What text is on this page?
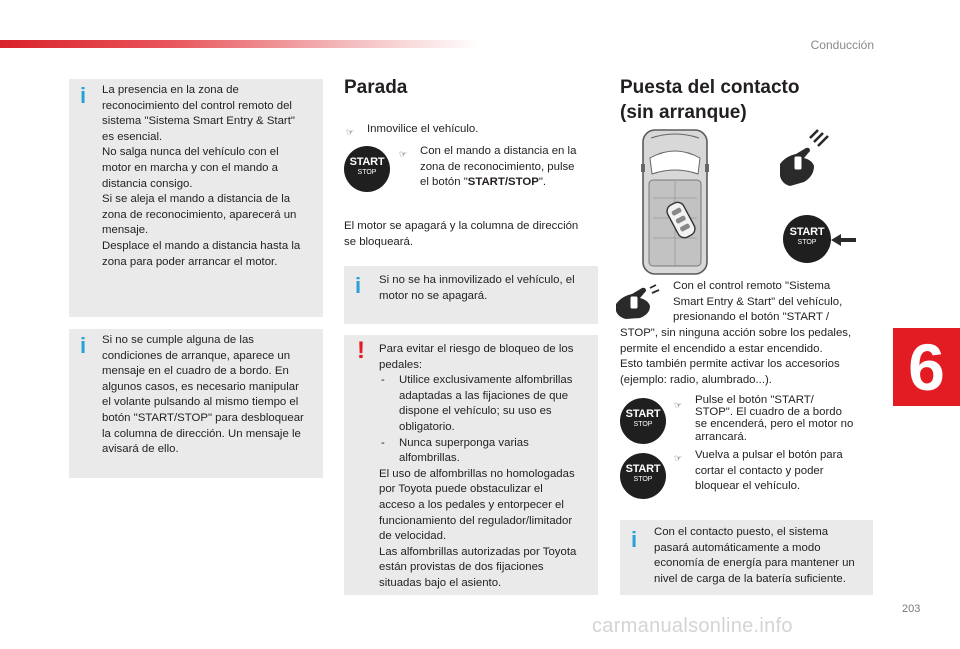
Conducción
6
203
carmanualsonline.info
i La presencia en la zona de
reconocimiento del control remoto del
sistema "Sistema Smart Entry & Start"
es esencial.
No salga nunca del vehículo con el
motor en marcha y con el mando a
distancia consigo.
Si se aleja el mando a distancia de la
zona de reconocimiento, aparecerá un
mensaje.
Desplace el mando a distancia hasta la
zona para poder arrancar el motor.
i Si no se cumple alguna de las
condiciones de arranque, aparece un
mensaje en el cuadro de a bordo. En
algunos casos, es necesario manipular
el volante pulsando al mismo tiempo el
botón "START/STOP" para desbloquear
la columna de dirección. Un mensaje le
avisará de ello.
Parada
☞ Inmovilice el vehículo.
START
STOP
☞ Con el mando a distancia en la
zona de reconocimiento, pulse
el botón "START/STOP".
El motor se apagará y la columna de dirección
se bloqueará.
i Si no se ha inmovilizado el vehículo, el
motor no se apagará.
! Para evitar el riesgo de bloqueo de los
pedales:
- Utilice exclusivamente alfombrillas
adaptadas a las fijaciones de que
dispone el vehículo; su uso es
obligatorio.
- Nunca superponga varias
alfombrillas.
El uso de alfombrillas no homologadas
por Toyota puede obstaculizar el
acceso a los pedales y entorpecer el
funcionamiento del regulador/limitador
de velocidad.
Las alfombrillas autorizadas por Toyota
están provistas de dos fijaciones
situadas bajo el asiento.
Puesta del contacto
(sin arranque)
START
STOP
Con el control remoto "Sistema
Smart Entry & Start" del vehículo,
presionando el botón "START /
STOP", sin ninguna acción sobre los pedales,
permite el encendido a estar encendido.
Esto también permite activar los accesorios
(ejemplo: radio, alumbrado...).
START
STOP
☞ Pulse el botón "START/
STOP". El cuadro de a bordo
se encenderá, pero el motor no
arrancará.
START
STOP
☞ Vuelva a pulsar el botón para
cortar el contacto y poder
bloquear el vehículo.
i Con el contacto puesto, el sistema
pasará automáticamente a modo
economía de energía para mantener un
nivel de carga de la batería suficiente.
